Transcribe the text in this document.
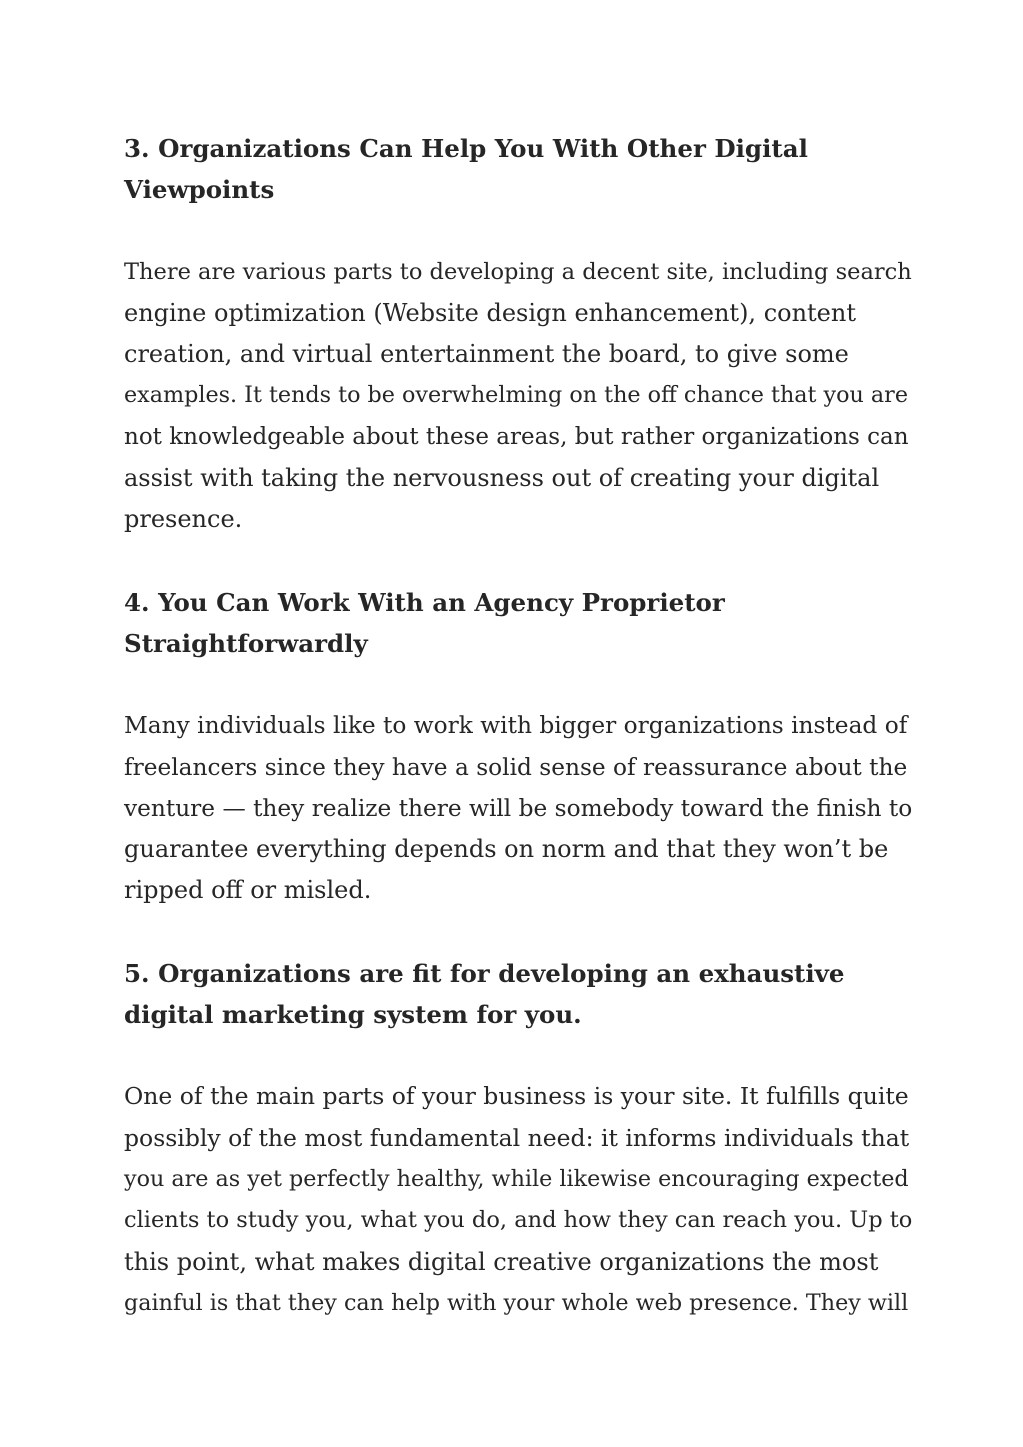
3. Organizations Can Help You With Other Digital
Viewpoints

There are various parts to developing a decent site, including search
engine optimization (Website design enhancement), content
creation, and virtual entertainment the board, to give some
examples. It tends to be overwhelming on the off chance that you are
not knowledgeable about these areas, but rather organizations can
assist with taking the nervousness out of creating your digital
presence.

4. You Can Work With an Agency Proprietor
Straightforwardly

Many individuals like to work with bigger organizations instead of
freelancers since they have a solid sense of reassurance about the
venture — they realize there will be somebody toward the finish to
guarantee everything depends on norm and that they won’t be
ripped off or misled.

5. Organizations are fit for developing an exhaustive
digital marketing system for you.

One of the main parts of your business is your site. It fulfills quite
possibly of the most fundamental need: it informs individuals that
you are as yet perfectly healthy, while likewise encouraging expected
clients to study you, what you do, and how they can reach you. Up to
this point, what makes digital creative organizations the most
gainful is that they can help with your whole web presence. They will
